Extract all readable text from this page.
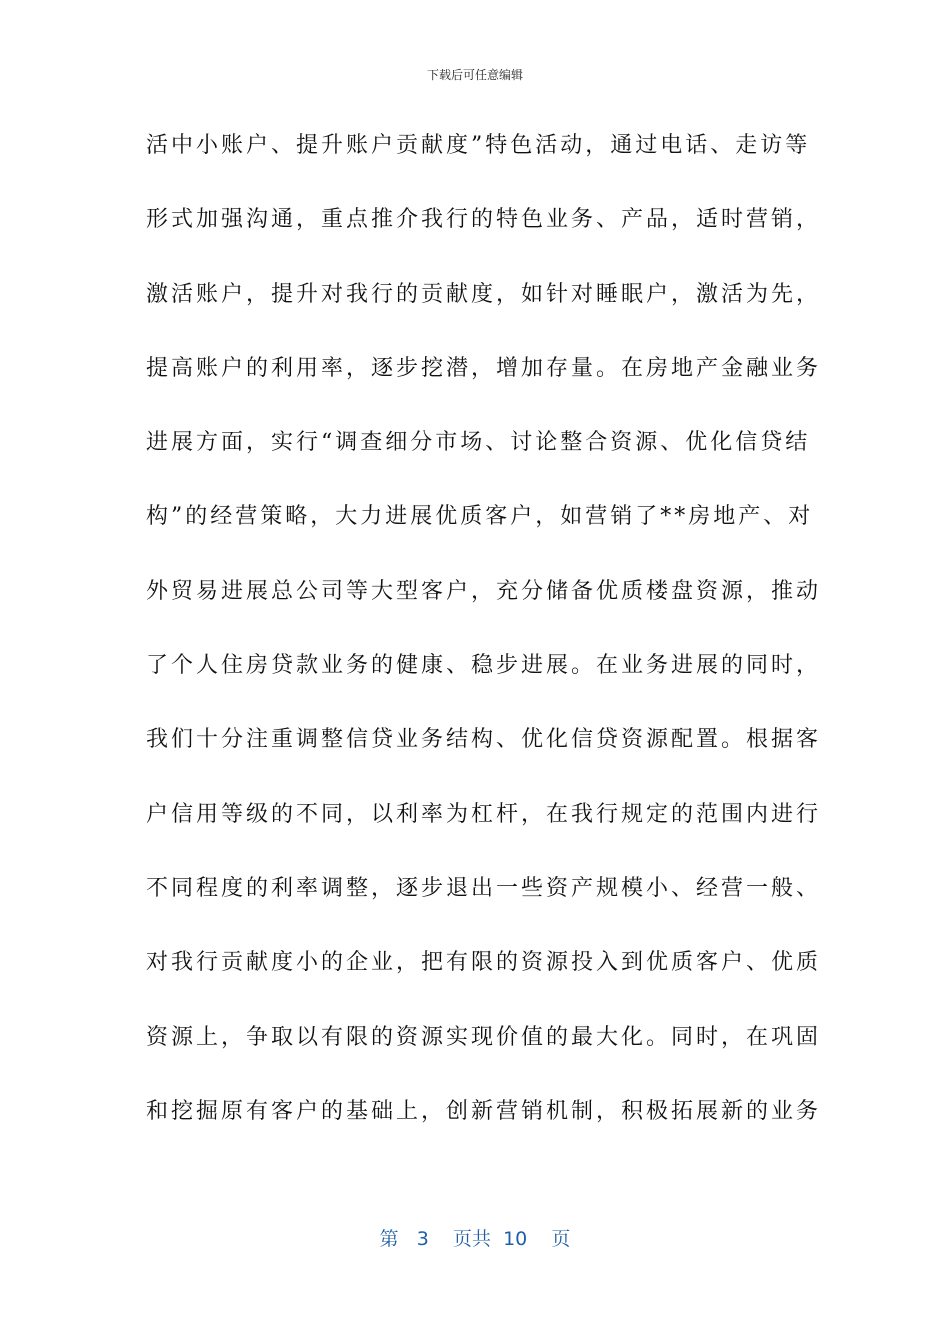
下载后可任意编辑
活中小账户、提升账户贡献度”特色活动，通过电话、走访等
形式加强沟通，重点推介我行的特色业务、产品，适时营销，
激活账户，提升对我行的贡献度，如针对睡眠户，激活为先，
提高账户的利用率，逐步挖潜，增加存量。在房地产金融业务
进展方面，实行“调查细分市场、讨论整合资源、优化信贷结
构”的经营策略，大力进展优质客户，如营销了**房地产、对
外贸易进展总公司等大型客户，充分储备优质楼盘资源，推动
了个人住房贷款业务的健康、稳步进展。在业务进展的同时，
我们十分注重调整信贷业务结构、优化信贷资源配置。根据客
户信用等级的不同，以利率为杠杆，在我行规定的范围内进行
不同程度的利率调整，逐步退出一些资产规模小、经营一般、
对我行贡献度小的企业，把有限的资源投入到优质客户、优质
资源上，争取以有限的资源实现价值的最大化。同时，在巩固
和挖掘原有客户的基础上，创新营销机制，积极拓展新的业务
第 3 页共 10 页
